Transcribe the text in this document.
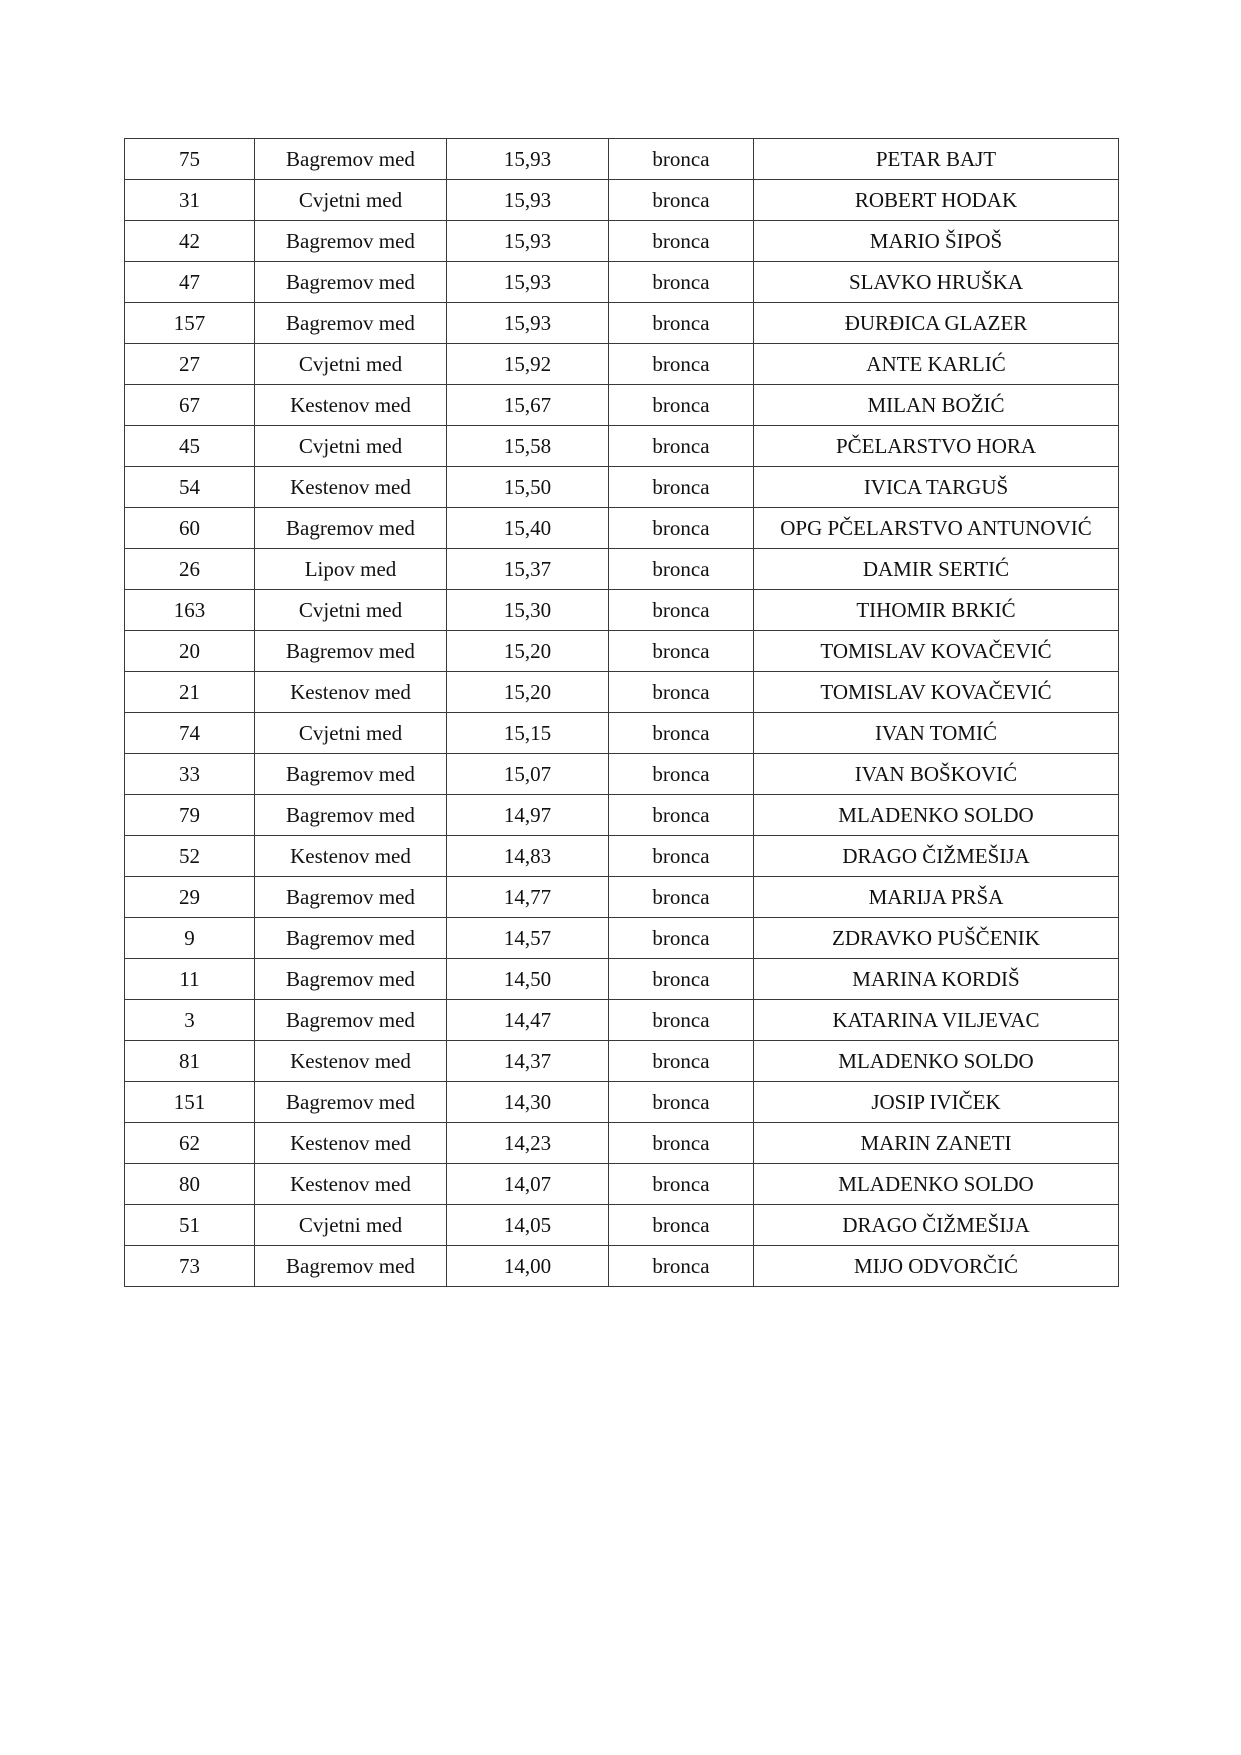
75	Bagremov med	15,93	bronca	PETAR BAJT
31	Cvjetni med	15,93	bronca	ROBERT HODAK
42	Bagremov med	15,93	bronca	MARIO ŠIPOŠ
47	Bagremov med	15,93	bronca	SLAVKO HRUŠKA
157	Bagremov med	15,93	bronca	ĐURĐICA GLAZER
27	Cvjetni med	15,92	bronca	ANTE KARLIĆ
67	Kestenov med	15,67	bronca	MILAN BOŽIĆ
45	Cvjetni med	15,58	bronca	PČELARSTVO HORA
54	Kestenov med	15,50	bronca	IVICA TARGUŠ
60	Bagremov med	15,40	bronca	OPG PČELARSTVO ANTUNOVIĆ
26	Lipov med	15,37	bronca	DAMIR SERTIĆ
163	Cvjetni med	15,30	bronca	TIHOMIR BRKIĆ
20	Bagremov med	15,20	bronca	TOMISLAV KOVAČEVIĆ
21	Kestenov med	15,20	bronca	TOMISLAV KOVAČEVIĆ
74	Cvjetni med	15,15	bronca	IVAN TOMIĆ
33	Bagremov med	15,07	bronca	IVAN BOŠKOVIĆ
79	Bagremov med	14,97	bronca	MLADENKO SOLDO
52	Kestenov med	14,83	bronca	DRAGO ČIŽMEŠIJA
29	Bagremov med	14,77	bronca	MARIJA PRŠA
9	Bagremov med	14,57	bronca	ZDRAVKO PUŠČENIK
11	Bagremov med	14,50	bronca	MARINA KORDIŠ
3	Bagremov med	14,47	bronca	KATARINA VILJEVAC
81	Kestenov med	14,37	bronca	MLADENKO SOLDO
151	Bagremov med	14,30	bronca	JOSIP IVIČEK
62	Kestenov med	14,23	bronca	MARIN ZANETI
80	Kestenov med	14,07	bronca	MLADENKO SOLDO
51	Cvjetni med	14,05	bronca	DRAGO ČIŽMEŠIJA
73	Bagremov med	14,00	bronca	MIJO ODVORČIĆ
